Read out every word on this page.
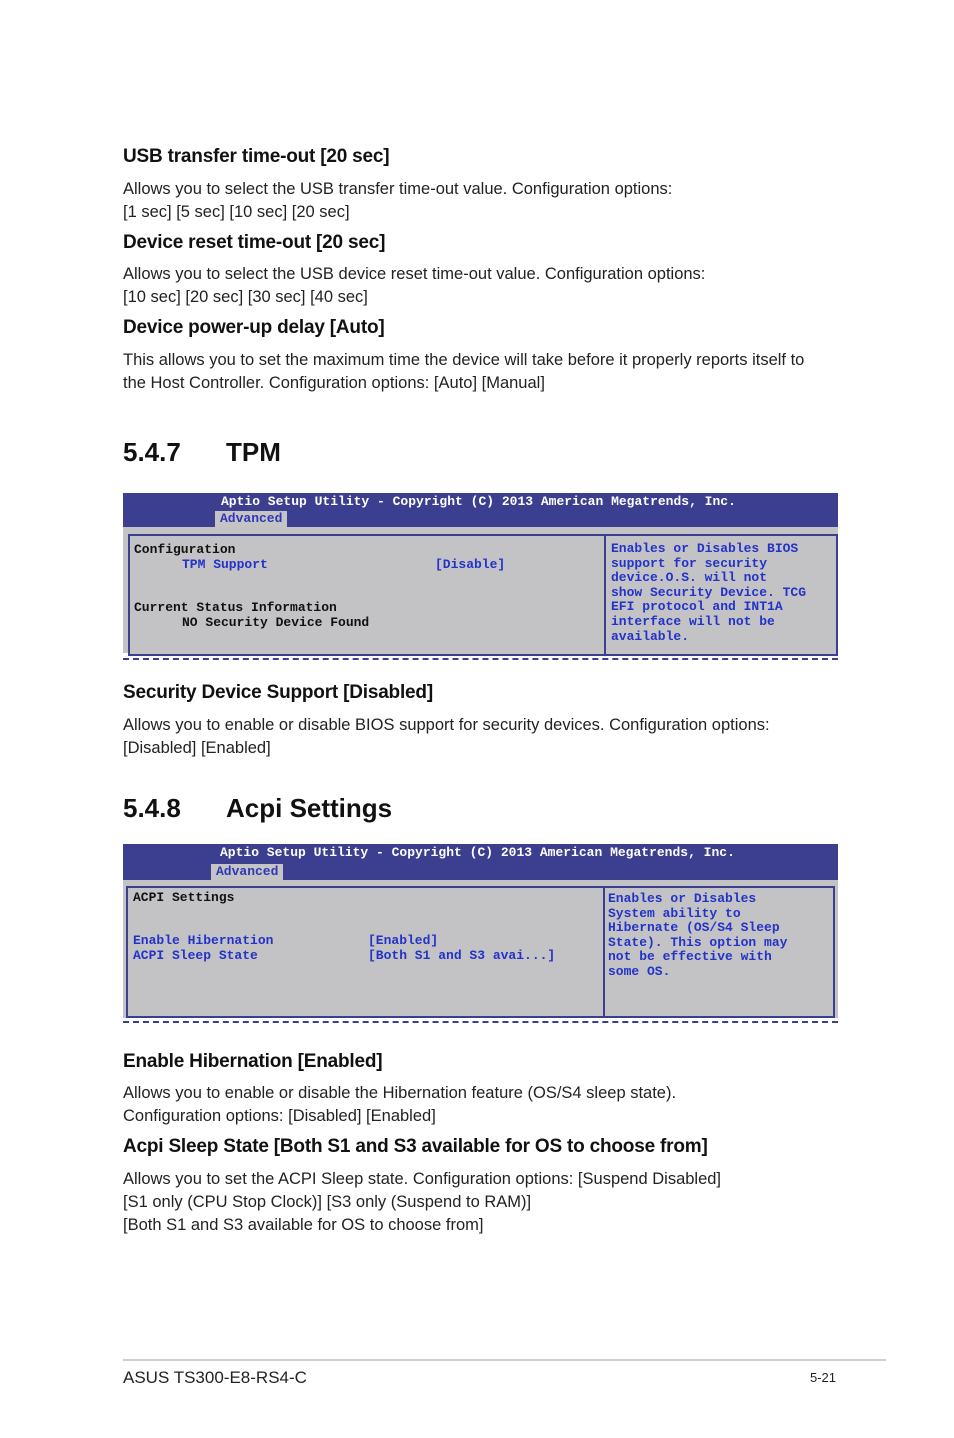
USB transfer time-out [20 sec]

Allows you to select the USB transfer time-out value. Configuration options:
[1 sec] [5 sec] [10 sec] [20 sec]

Device reset time-out [20 sec]

Allows you to select the USB device reset time-out value. Configuration options:
[10 sec] [20 sec] [30 sec] [40 sec]

Device power-up delay [Auto]

This allows you to set the maximum time the device will take before it properly reports itself to
the Host Controller. Configuration options: [Auto] [Manual]

5.4.7 TPM
Aptio Setup Utility - Copyright (C) 2013 American Megatrends, Inc.
Advanced
Configuration
TPM Support	[Disable]
Current Status Information
NO Security Device Found
Enables or Disables BIOS
support for security
device.O.S. will not
show Security Device. TCG
EFI protocol and INT1A
interface will not be
available.
Security Device Support [Disabled]

Allows you to enable or disable BIOS support for security devices. Configuration options:
[Disabled] [Enabled]

5.4.8 Acpi Settings
Aptio Setup Utility - Copyright (C) 2013 American Megatrends, Inc.
Advanced
ACPI Settings
Enable Hibernation	[Enabled]
ACPI Sleep State	[Both S1 and S3 avai...]
Enables or Disables
System ability to
Hibernate (OS/S4 Sleep
State). This option may
not be effective with
some OS.
Enable Hibernation [Enabled]

Allows you to enable or disable the Hibernation feature (OS/S4 sleep state).
Configuration options: [Disabled] [Enabled]

Acpi Sleep State [Both S1 and S3 available for OS to choose from]

Allows you to set the ACPI Sleep state. Configuration options: [Suspend Disabled]
[S1 only (CPU Stop Clock)] [S3 only (Suspend to RAM)]
[Both S1 and S3 available for OS to choose from]

ASUS TS300-E8-RS4-C	5-21
